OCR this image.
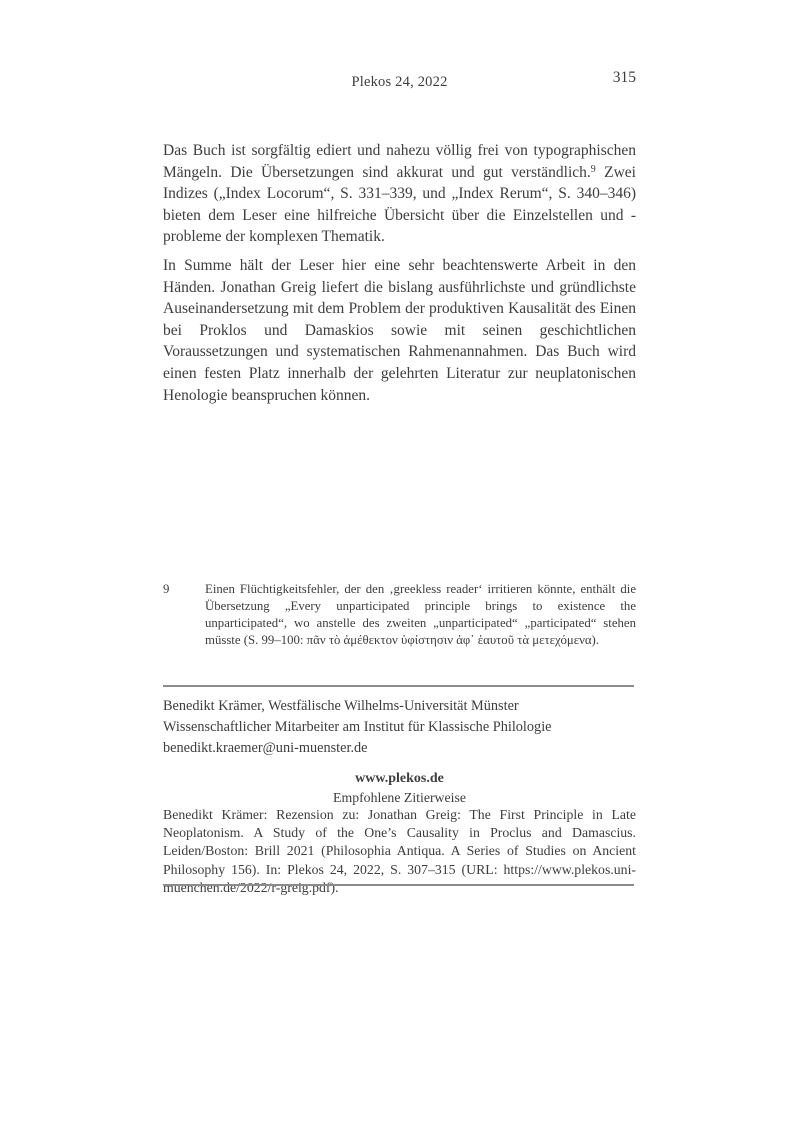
Plekos 24, 2022	315

Das Buch ist sorgfältig ediert und nahezu völlig frei von typographischen Mängeln. Die Übersetzungen sind akkurat und gut verständlich.$^9$ Zwei Indizes („Index Locorum“, S. 331–339, und „Index Rerum“, S. 340–346) bieten dem Leser eine hilfreiche Übersicht über die Einzelstellen und -probleme der komplexen Thematik.

In Summe hält der Leser hier eine sehr beachtenswerte Arbeit in den Händen. Jonathan Greig liefert die bislang ausführlichste und gründlichste Auseinandersetzung mit dem Problem der produktiven Kausalität des Einen bei Proklos und Damaskios sowie mit seinen geschichtlichen Voraussetzungen und systematischen Rahmenannahmen. Das Buch wird einen festen Platz innerhalb der gelehrten Literatur zur neuplatonischen Henologie beanspruchen können.

9	Einen Flüchtigkeitsfehler, der den ‚greekless reader‘ irritieren könnte, enthält die Übersetzung „Every unparticipated principle brings to existence the unparticipated“, wo anstelle des zweiten „unparticipated“ „participated“ stehen müsste (S. 99–100: πᾶν τὸ ἀμέθεκτον ὑφίστησιν ἀφ᾽ ἑαυτοῦ τὰ μετεχόμενα).
Benedikt Krämer, Westfälische Wilhelms-Universität Münster
Wissenschaftlicher Mitarbeiter am Institut für Klassische Philologie
benedikt.kraemer@uni-muenster.de
www.plekos.de
Empfohlene Zitierweise
Benedikt Krämer: Rezension zu: Jonathan Greig: The First Principle in Late Neoplatonism. A Study of the One’s Causality in Proclus and Damascius. Leiden/Boston: Brill 2021 (Philosophia Antiqua. A Series of Studies on Ancient Philosophy 156). In: Plekos 24, 2022, S. 307–315 (URL: https://www.plekos.uni-muenchen.de/2022/r-greig.pdf).
